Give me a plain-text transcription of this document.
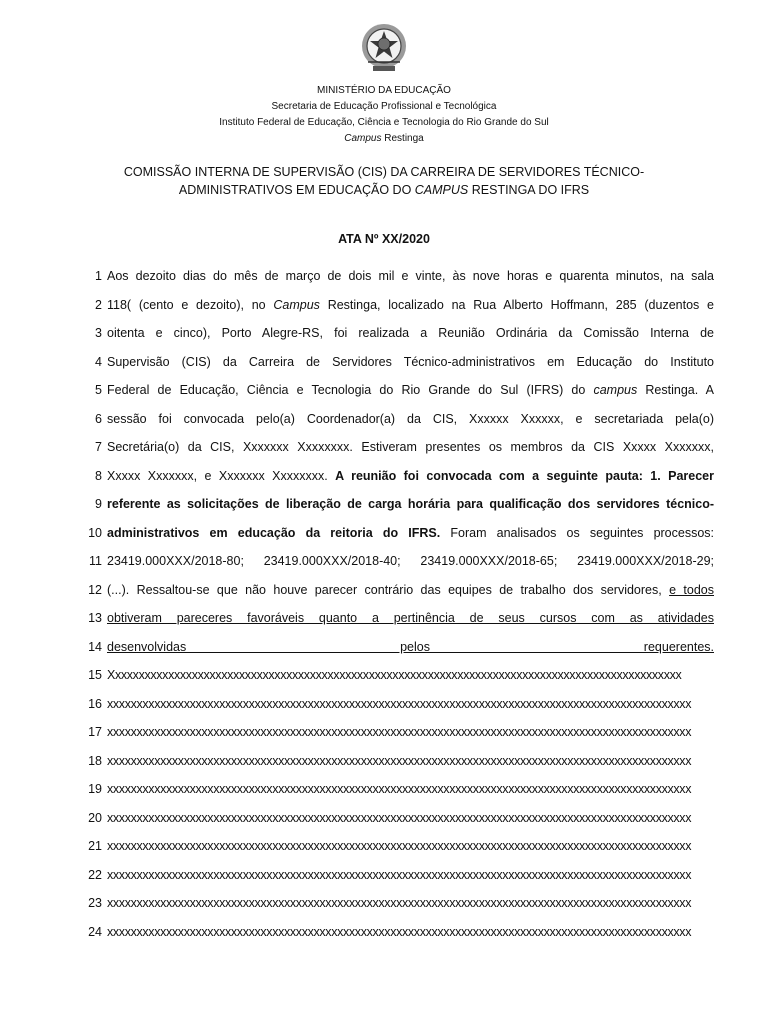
MINISTÉRIO DA EDUCAÇÃO
Secretaria de Educação Profissional e Tecnológica
Instituto Federal de Educação, Ciência e Tecnologia do Rio Grande do Sul
Campus Restinga
COMISSÃO INTERNA DE SUPERVISÃO (CIS) DA CARREIRA DE SERVIDORES TÉCNICO-
ADMINISTRATIVOS EM EDUCAÇÃO DO CAMPUS RESTINGA DO IFRS
ATA Nº XX/2020
1 Aos dezoito dias do mês de março de dois mil e vinte, às nove horas e quarenta minutos, na sala
2 118( (cento e dezoito), no Campus Restinga, localizado na Rua Alberto Hoffmann, 285 (duzentos e
3 oitenta e cinco), Porto Alegre-RS, foi realizada a Reunião Ordinária da Comissão Interna de
4 Supervisão (CIS) da Carreira de Servidores Técnico-administrativos em Educação do Instituto
5 Federal de Educação, Ciência e Tecnologia do Rio Grande do Sul (IFRS) do campus Restinga. A
6 sessão foi convocada pelo(a) Coordenador(a) da CIS, Xxxxxx Xxxxxx, e secretariada pela(o)
7 Secretária(o) da CIS, Xxxxxxx Xxxxxxxx. Estiveram presentes os membros da CIS Xxxxx Xxxxxxx,
8 Xxxxx Xxxxxxx, e Xxxxxxx Xxxxxxxx. A reunião foi convocada com a seguinte pauta: 1. Parecer
9 referente as solicitações de liberação de carga horária para qualificação dos servidores técnico-
10 administrativos em educação da reitoria do IFRS. Foram analisados os seguintes processos:
11 23419.000XXX/2018-80; 23419.000XXX/2018-40; 23419.000XXX/2018-65; 23419.000XXX/2018-29;
12 (...). Ressaltou-se que não houve parecer contrário das equipes de trabalho dos servidores, e todos
13 obtiveram pareceres favoráveis quanto a pertinência de seus cursos com as atividades
14 desenvolvidas pelos requerentes.
15 Xxxxxxxxxxxxxxxxxxxxxxxxxxxxxxxxxxxxxxxxxxxxxxxxxxxxxxxxxxxxxxxxxxxxxxxxxxxxxxxxxxxxxxxxxxxxxxxxx
16 xxxxxxxxxxxxxxxxxxxxxxxxxxxxxxxxxxxxxxxxxxxxxxxxxxxxxxxxxxxxxxxxxxxxxxxxxxxxxxxxxxxxxxxxxxxxxxxxxxx
17 xxxxxxxxxxxxxxxxxxxxxxxxxxxxxxxxxxxxxxxxxxxxxxxxxxxxxxxxxxxxxxxxxxxxxxxxxxxxxxxxxxxxxxxxxxxxxxxxxxx
18 xxxxxxxxxxxxxxxxxxxxxxxxxxxxxxxxxxxxxxxxxxxxxxxxxxxxxxxxxxxxxxxxxxxxxxxxxxxxxxxxxxxxxxxxxxxxxxxxxxx
19 xxxxxxxxxxxxxxxxxxxxxxxxxxxxxxxxxxxxxxxxxxxxxxxxxxxxxxxxxxxxxxxxxxxxxxxxxxxxxxxxxxxxxxxxxxxxxxxxxxx
20 xxxxxxxxxxxxxxxxxxxxxxxxxxxxxxxxxxxxxxxxxxxxxxxxxxxxxxxxxxxxxxxxxxxxxxxxxxxxxxxxxxxxxxxxxxxxxxxxxxx
21 xxxxxxxxxxxxxxxxxxxxxxxxxxxxxxxxxxxxxxxxxxxxxxxxxxxxxxxxxxxxxxxxxxxxxxxxxxxxxxxxxxxxxxxxxxxxxxxxxxx
22 xxxxxxxxxxxxxxxxxxxxxxxxxxxxxxxxxxxxxxxxxxxxxxxxxxxxxxxxxxxxxxxxxxxxxxxxxxxxxxxxxxxxxxxxxxxxxxxxxxx
23 xxxxxxxxxxxxxxxxxxxxxxxxxxxxxxxxxxxxxxxxxxxxxxxxxxxxxxxxxxxxxxxxxxxxxxxxxxxxxxxxxxxxxxxxxxxxxxxxxxx
24 xxxxxxxxxxxxxxxxxxxxxxxxxxxxxxxxxxxxxxxxxxxxxxxxxxxxxxxxxxxxxxxxxxxxxxxxxxxxxxxxxxxxxxxxxxxxxxxxxxx
